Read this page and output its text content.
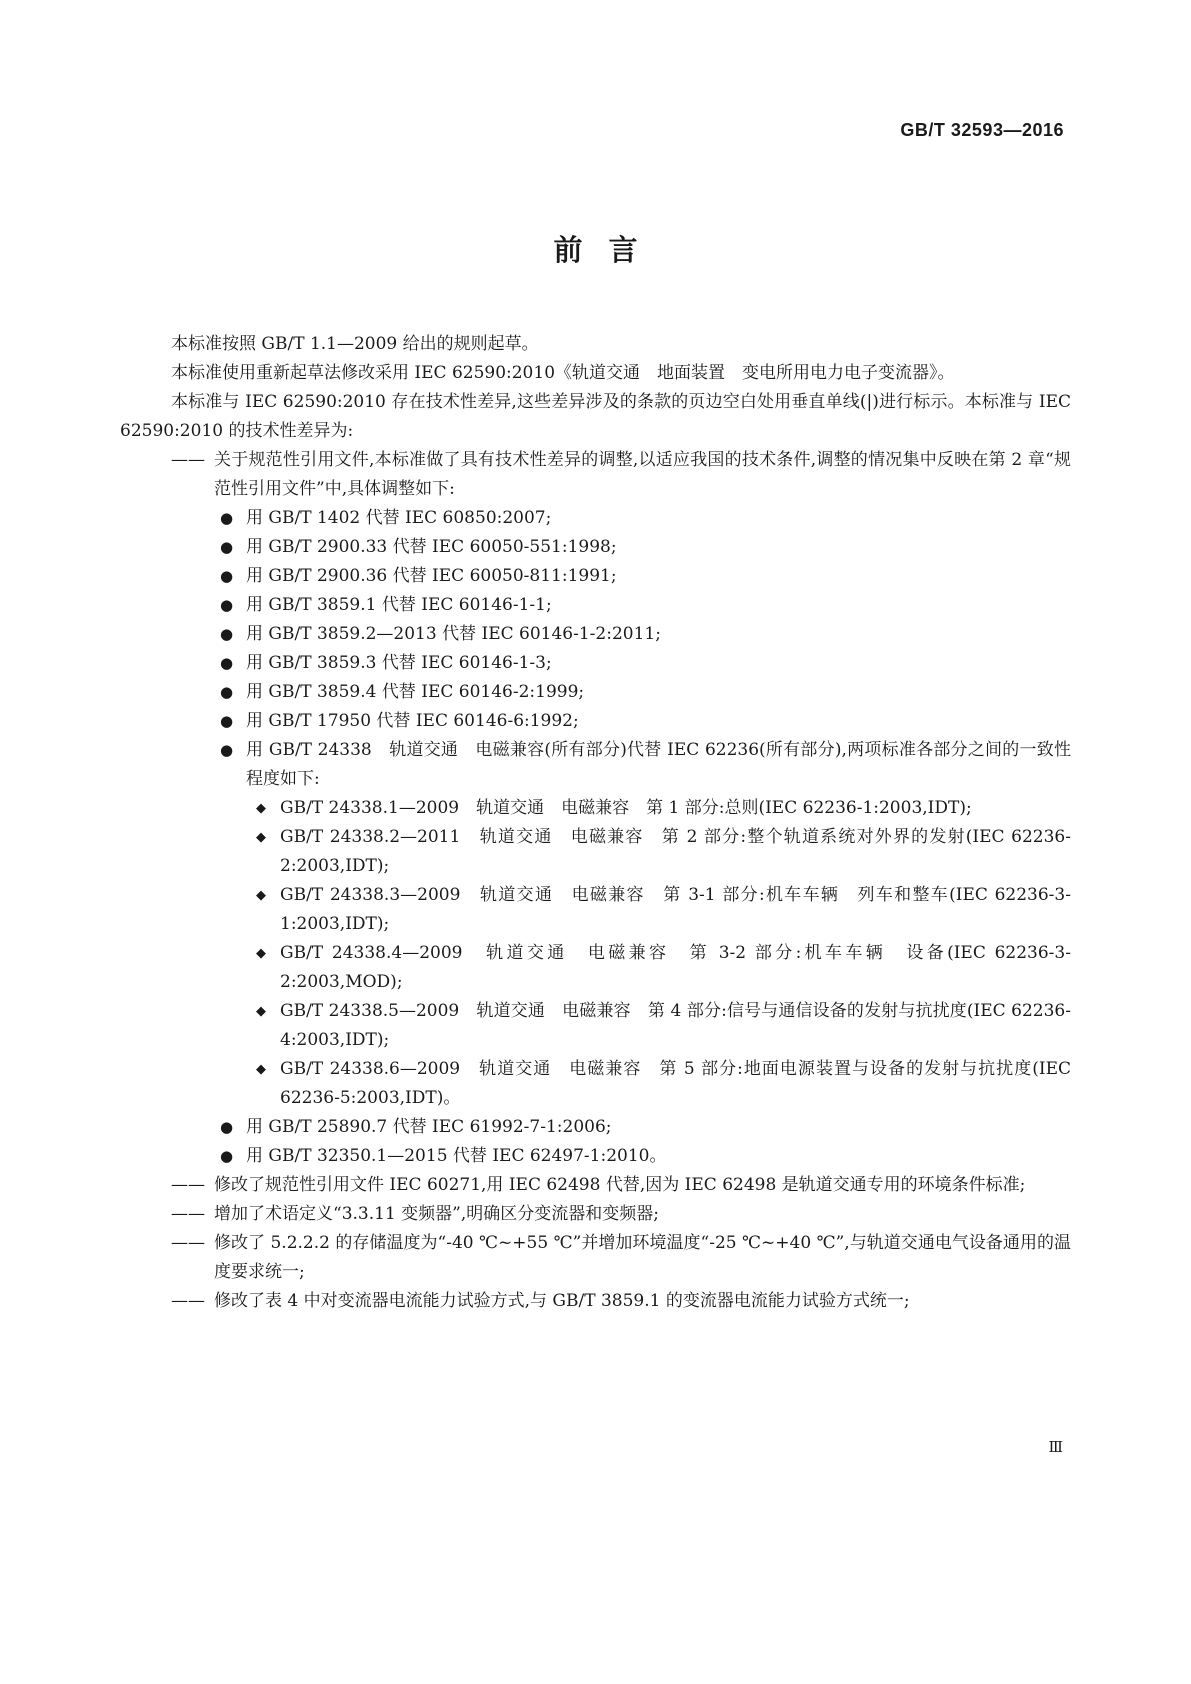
GB/T 32593—2016
前言

本标准按照 GB/T 1.1—2009 给出的规则起草。

本标准使用重新起草法修改采用 IEC 62590:2010《轨道交通　地面装置　变电所用电力电子变流器》。

本标准与 IEC 62590:2010 存在技术性差异,这些差异涉及的条款的页边空白处用垂直单线(|)进行标示。本标准与 IEC 62590:2010 的技术性差异为:

—— 关于规范性引用文件,本标准做了具有技术性差异的调整,以适应我国的技术条件,调整的情况集中反映在第 2 章“规范性引用文件”中,具体调整如下:

● 用 GB/T 1402 代替 IEC 60850:2007;

● 用 GB/T 2900.33 代替 IEC 60050-551:1998;

● 用 GB/T 2900.36 代替 IEC 60050-811:1991;

● 用 GB/T 3859.1 代替 IEC 60146-1-1;

● 用 GB/T 3859.2—2013 代替 IEC 60146-1-2:2011;

● 用 GB/T 3859.3 代替 IEC 60146-1-3;

● 用 GB/T 3859.4 代替 IEC 60146-2:1999;

● 用 GB/T 17950 代替 IEC 60146-6:1992;

● 用 GB/T 24338　轨道交通　电磁兼容(所有部分)代替 IEC 62236(所有部分),两项标准各部分之间的一致性程度如下:

◆ GB/T 24338.1—2009　轨道交通　电磁兼容　第 1 部分:总则(IEC 62236-1:2003,IDT);

◆ GB/T 24338.2—2011　轨道交通　电磁兼容　第 2 部分:整个轨道系统对外界的发射(IEC 62236-2:2003,IDT);

◆ GB/T 24338.3—2009　轨道交通　电磁兼容　第 3-1 部分:机车车辆　列车和整车(IEC 62236-3-1:2003,IDT);

◆ GB/T 24338.4—2009　轨道交通　电磁兼容　第 3-2 部分:机车车辆　设备(IEC 62236-3-2:2003,MOD);

◆ GB/T 24338.5—2009　轨道交通　电磁兼容　第 4 部分:信号与通信设备的发射与抗扰度(IEC 62236-4:2003,IDT);

◆ GB/T 24338.6—2009　轨道交通　电磁兼容　第 5 部分:地面电源装置与设备的发射与抗扰度(IEC 62236-5:2003,IDT)。

● 用 GB/T 25890.7 代替 IEC 61992-7-1:2006;

● 用 GB/T 32350.1—2015 代替 IEC 62497-1:2010。

—— 修改了规范性引用文件 IEC 60271,用 IEC 62498 代替,因为 IEC 62498 是轨道交通专用的环境条件标准;

—— 增加了术语定义“3.3.11 变频器”,明确区分变流器和变频器;

—— 修改了 5.2.2.2 的存储温度为“-40 ℃~+55 ℃”并增加环境温度“-25 ℃~+40 ℃”,与轨道交通电气设备通用的温度要求统一;

—— 修改了表 4 中对变流器电流能力试验方式,与 GB/T 3859.1 的变流器电流能力试验方式统一;

Ⅲ
